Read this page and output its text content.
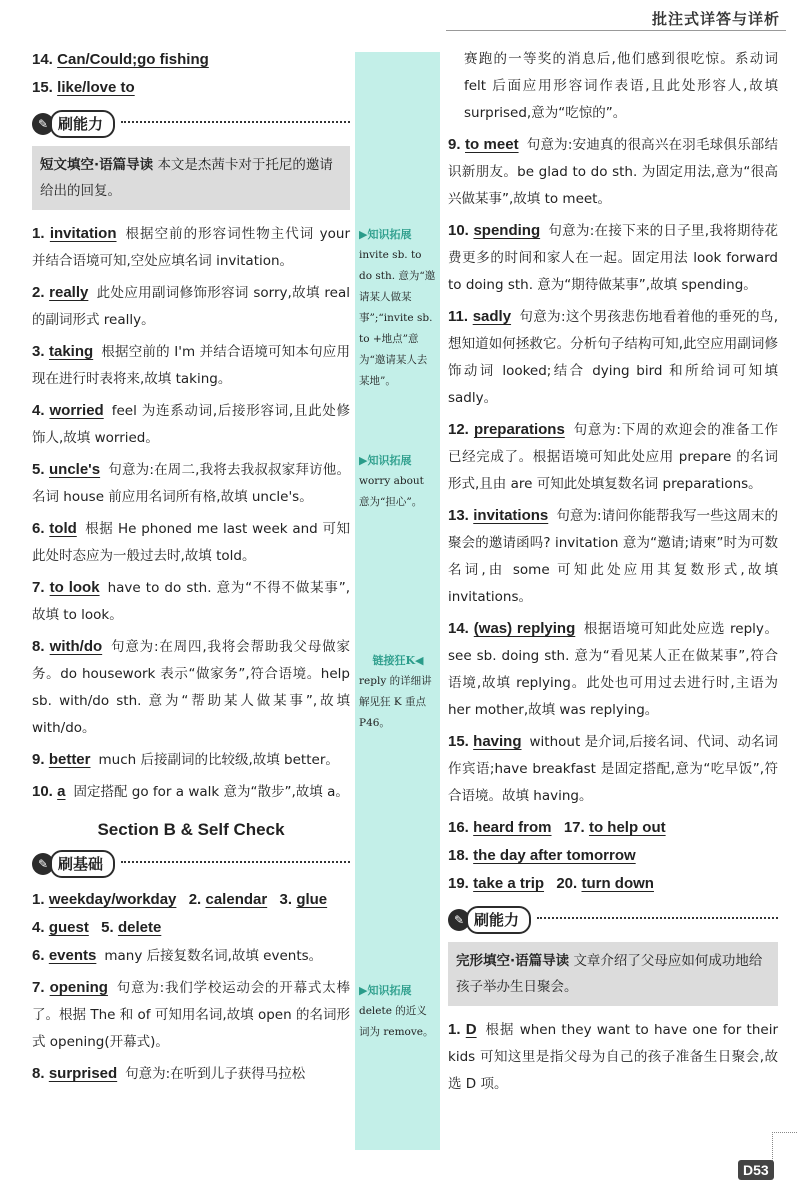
批注式详答与详析
14. Can/Could;go fishing
15. like/love to
✎ 刷能力
短文填空·语篇导读 本文是杰茜卡对于托尼的邀请给出的回复。

1. invitation 根据空前的形容词性物主代词 your 并结合语境可知,空处应填名词 invitation。

2. really 此处应用副词修饰形容词 sorry,故填 real 的副词形式 really。

3. taking 根据空前的 I'm 并结合语境可知本句应用现在进行时表将来,故填 taking。

4. worried feel 为连系动词,后接形容词,且此处修饰人,故填 worried。

5. uncle's 句意为:在周二,我将去我叔叔家拜访他。名词 house 前应用名词所有格,故填 uncle's。

6. told 根据 He phoned me last week and 可知此处时态应为一般过去时,故填 told。

7. to look have to do sth. 意为“不得不做某事”,故填 to look。

8. with/do 句意为:在周四,我将会帮助我父母做家务。do housework 表示“做家务”,符合语境。help sb. with/do sth. 意为“帮助某人做某事”,故填 with/do。

9. better much 后接副词的比较级,故填 better。

10. a 固定搭配 go for a walk 意为“散步”,故填 a。

Section B & Self Check
✎ 刷基础
1. weekday/workday 2. calendar 3. glue
4. guest 5. delete

6. events many 后接复数名词,故填 events。

7. opening 句意为:我们学校运动会的开幕式太棒了。根据 The 和 of 可知用名词,故填 open 的名词形式 opening(开幕式)。

8. surprised 句意为:在听到儿子获得马拉松

▶知识拓展
invite sb. to do sth. 意为“邀请某人做某事”;“invite sb. to +地点”意为“邀请某人去某地”。
▶知识拓展
worry about 意为“担心”。
链接狂K◀
reply 的详细讲解见狂 K 重点 P46。
▶知识拓展
delete 的近义词为 remove。

赛跑的一等奖的消息后,他们感到很吃惊。系动词 felt 后面应用形容词作表语,且此处形容人,故填 surprised,意为“吃惊的”。

9. to meet 句意为:安迪真的很高兴在羽毛球俱乐部结识新朋友。be glad to do sth. 为固定用法,意为“很高兴做某事”,故填 to meet。

10. spending 句意为:在接下来的日子里,我将期待花费更多的时间和家人在一起。固定用法 look forward to doing sth. 意为“期待做某事”,故填 spending。

11. sadly 句意为:这个男孩悲伤地看着他的垂死的鸟,想知道如何拯救它。分析句子结构可知,此空应用副词修饰动词 looked;结合 dying bird 和所给词可知填 sadly。

12. preparations 句意为:下周的欢迎会的准备工作已经完成了。根据语境可知此处应用 prepare 的名词形式,且由 are 可知此处填复数名词 preparations。

13. invitations 句意为:请问你能帮我写一些这周末的聚会的邀请函吗? invitation 意为“邀请;请柬”时为可数名词,由 some 可知此处应用其复数形式,故填 invitations。

14. (was) replying 根据语境可知此处应选 reply。see sb. doing sth. 意为“看见某人正在做某事”,符合语境,故填 replying。此处也可用过去进行时,主语为 her mother,故填 was replying。

15. having without 是介词,后接名词、代词、动名词作宾语;have breakfast 是固定搭配,意为“吃早饭”,符合语境。故填 having。

16. heard from 17. to help out
18. the day after tomorrow
19. take a trip 20. turn down
✎ 刷能力
完形填空·语篇导读 文章介绍了父母应如何成功地给孩子举办生日聚会。

1. D 根据 when they want to have one for their kids 可知这里是指父母为自己的孩子准备生日聚会,故选 D 项。

D53
